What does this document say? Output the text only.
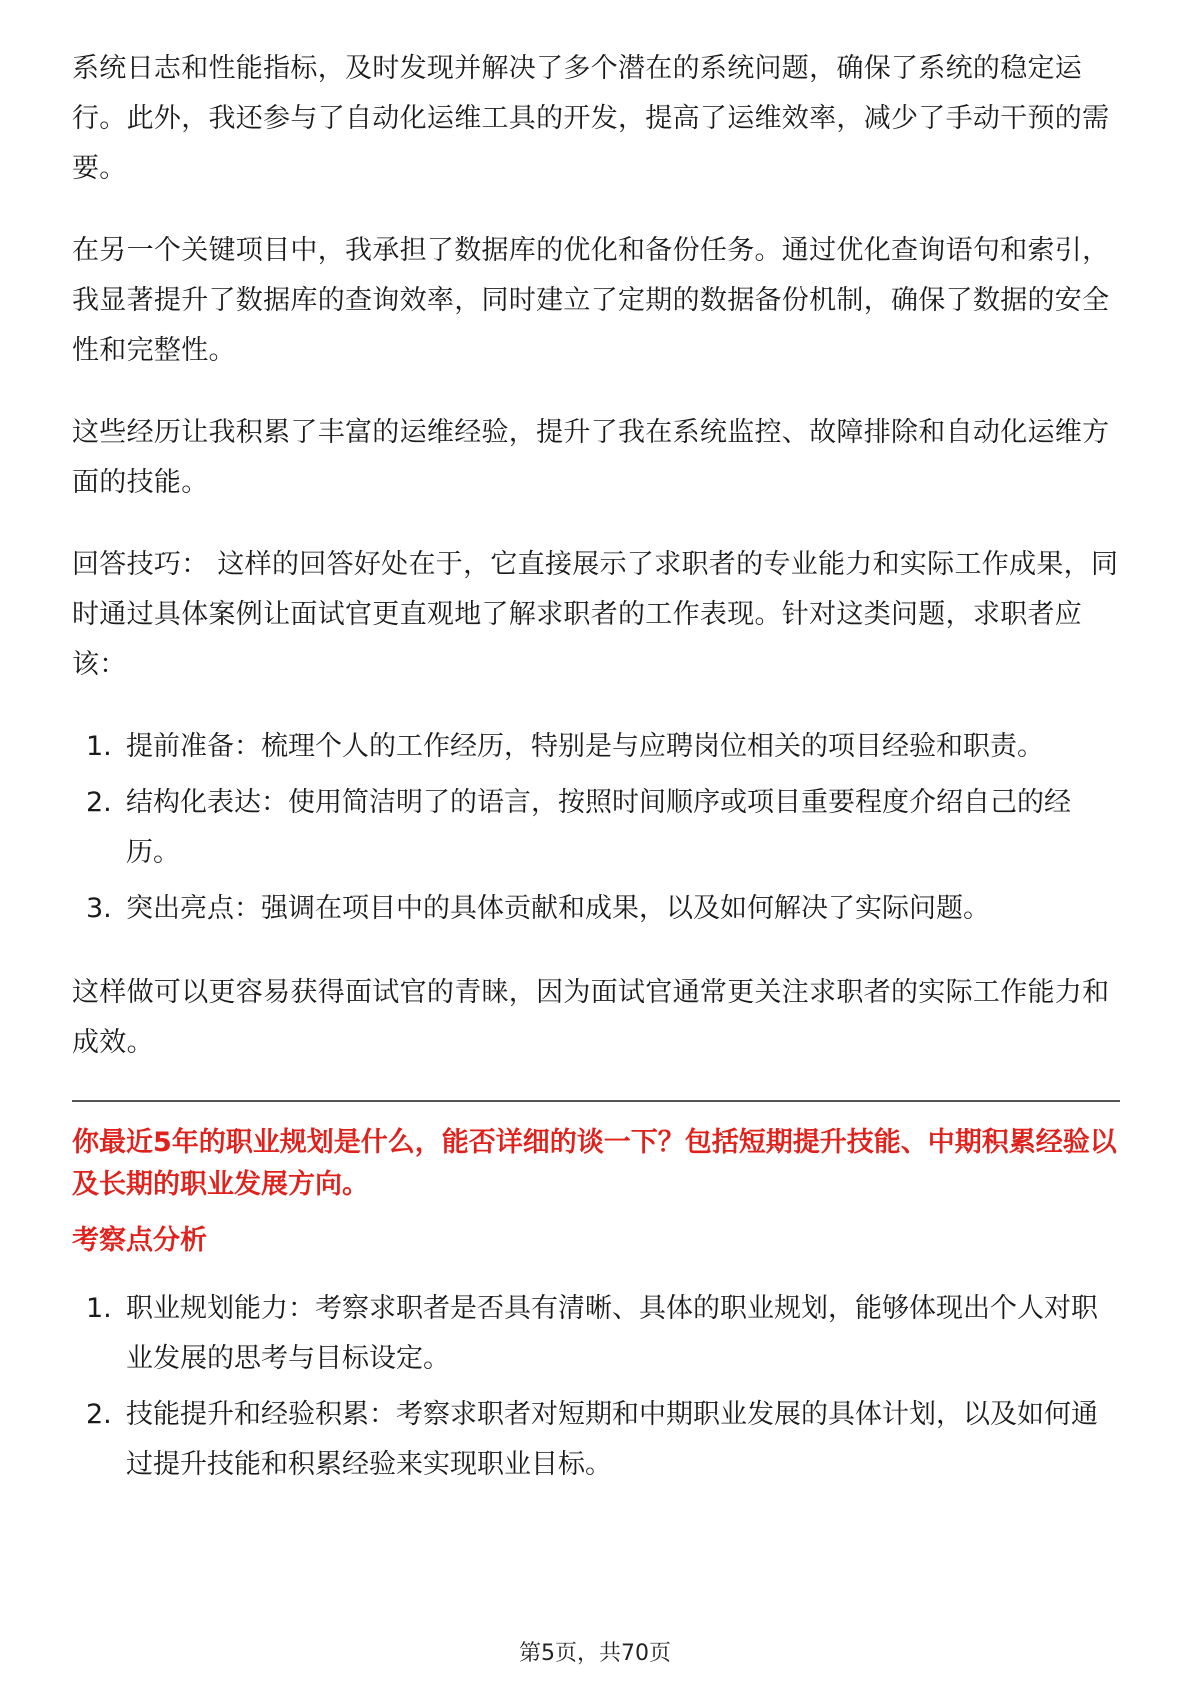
系统日志和性能指标，及时发现并解决了多个潜在的系统问题，确保了系统的稳定运行。此外，我还参与了自动化运维工具的开发，提高了运维效率，减少了手动干预的需要。

在另一个关键项目中，我承担了数据库的优化和备份任务。通过优化查询语句和索引，我显著提升了数据库的查询效率，同时建立了定期的数据备份机制，确保了数据的安全性和完整性。

这些经历让我积累了丰富的运维经验，提升了我在系统监控、故障排除和自动化运维方面的技能。

回答技巧： 这样的回答好处在于，它直接展示了求职者的专业能力和实际工作成果，同时通过具体案例让面试官更直观地了解求职者的工作表现。针对这类问题，求职者应该：

1. 提前准备：梳理个人的工作经历，特别是与应聘岗位相关的项目经验和职责。
2. 结构化表达：使用简洁明了的语言，按照时间顺序或项目重要程度介绍自己的经历。
3. 突出亮点：强调在项目中的具体贡献和成果，以及如何解决了实际问题。

这样做可以更容易获得面试官的青睐，因为面试官通常更关注求职者的实际工作能力和成效。

你最近5年的职业规划是什么，能否详细的谈一下？包括短期提升技能、中期积累经验以及长期的职业发展方向。
考察点分析
1. 职业规划能力：考察求职者是否具有清晰、具体的职业规划，能够体现出个人对职业发展的思考与目标设定。
2. 技能提升和经验积累：考察求职者对短期和中期职业发展的具体计划，以及如何通过提升技能和积累经验来实现职业目标。
第5页，共70页
